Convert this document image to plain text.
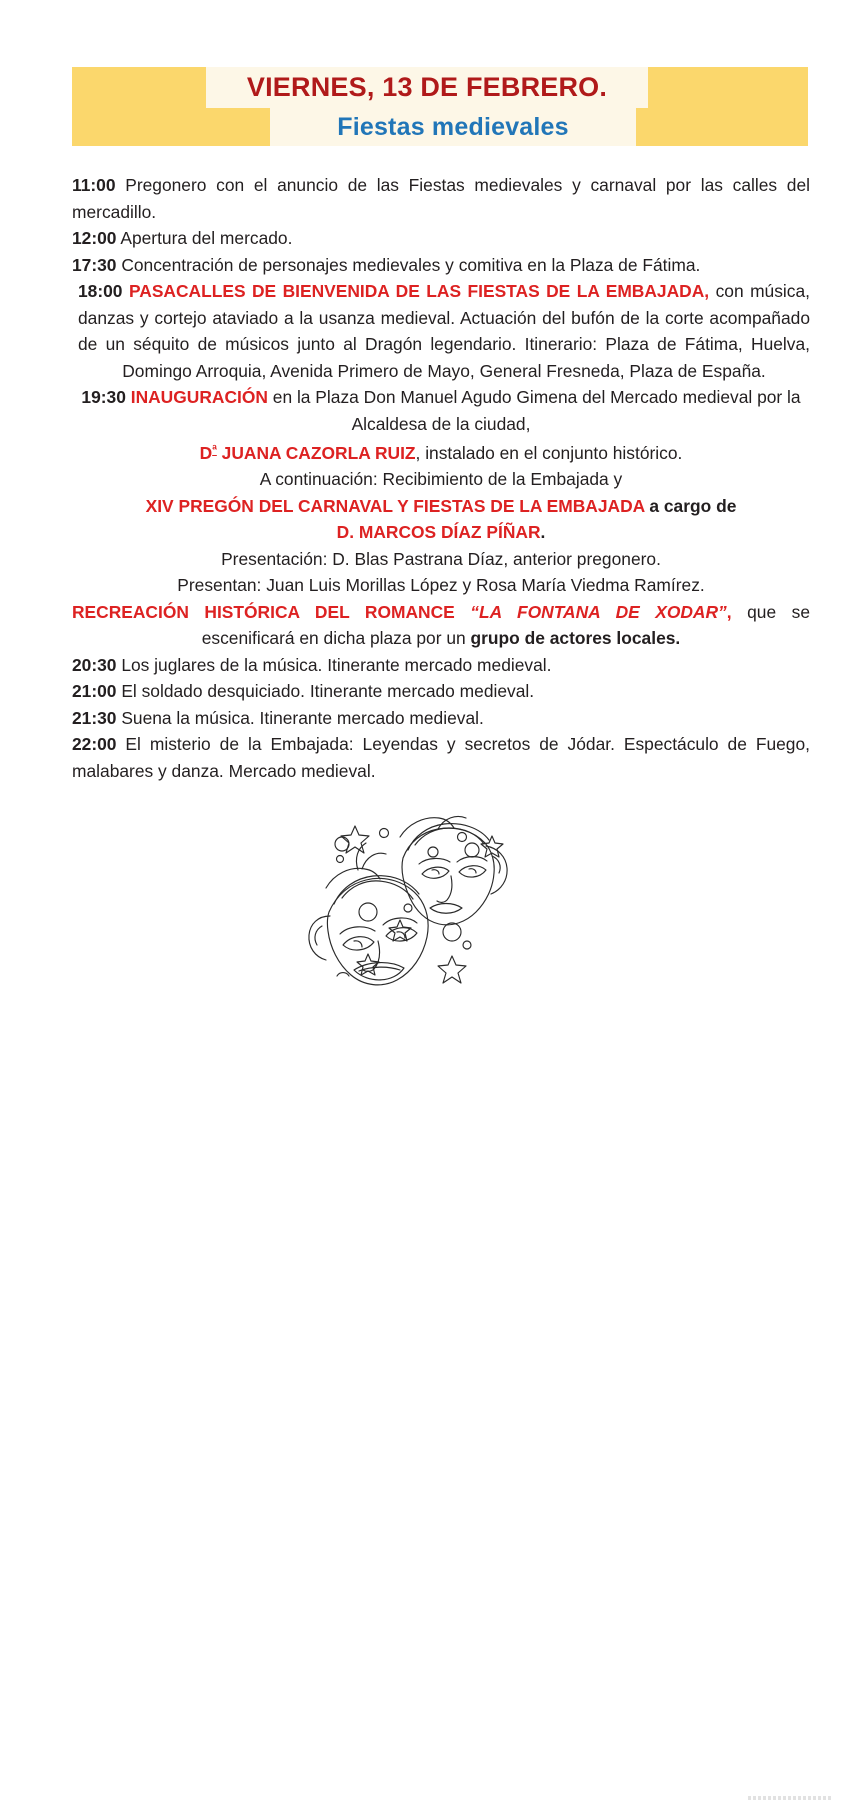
VIERNES, 13 DE FEBRERO.
Fiestas medievales

11:00 Pregonero con el anuncio de las Fiestas medievales y carnaval por las calles del mercadillo.

12:00 Apertura del mercado.

17:30 Concentración de personajes medievales y comitiva en la Plaza de Fátima.

18:00 PASACALLES DE BIENVENIDA DE LAS FIESTAS DE LA EMBAJADA, con música, danzas y cortejo ataviado a la usanza medieval. Actuación del bufón de la corte acompañado de un séquito de músicos junto al Dragón legendario. Itinerario: Plaza de Fátima, Huelva, Domingo Arroquia, Avenida Primero de Mayo, General Fresneda, Plaza de España.

19:30 INAUGURACIÓN en la Plaza Don Manuel Agudo Gimena del Mercado medieval por la Alcaldesa de la ciudad,

$D^ª$ JUANA CAZORLA RUIZ, instalado en el conjunto histórico.

A continuación: Recibimiento de la Embajada y

XIV PREGÓN DEL CARNAVAL Y FIESTAS DE LA EMBAJADA a cargo de

D. MARCOS DÍAZ PÍÑAR.

Presentación: D. Blas Pastrana Díaz, anterior pregonero.

Presentan: Juan Luis Morillas López y Rosa María Viedma Ramírez.

RECREACIÓN HISTÓRICA DEL ROMANCE “LA FONTANA DE XODAR”, que se escenificará en dicha plaza por un grupo de actores locales.

20:30 Los juglares de la música. Itinerante mercado medieval.

21:00 El soldado desquiciado. Itinerante mercado medieval.

21:30 Suena la música. Itinerante mercado medieval.

22:00 El misterio de la Embajada: Leyendas y secretos de Jódar. Espectáculo de Fuego, malabares y danza. Mercado medieval.
